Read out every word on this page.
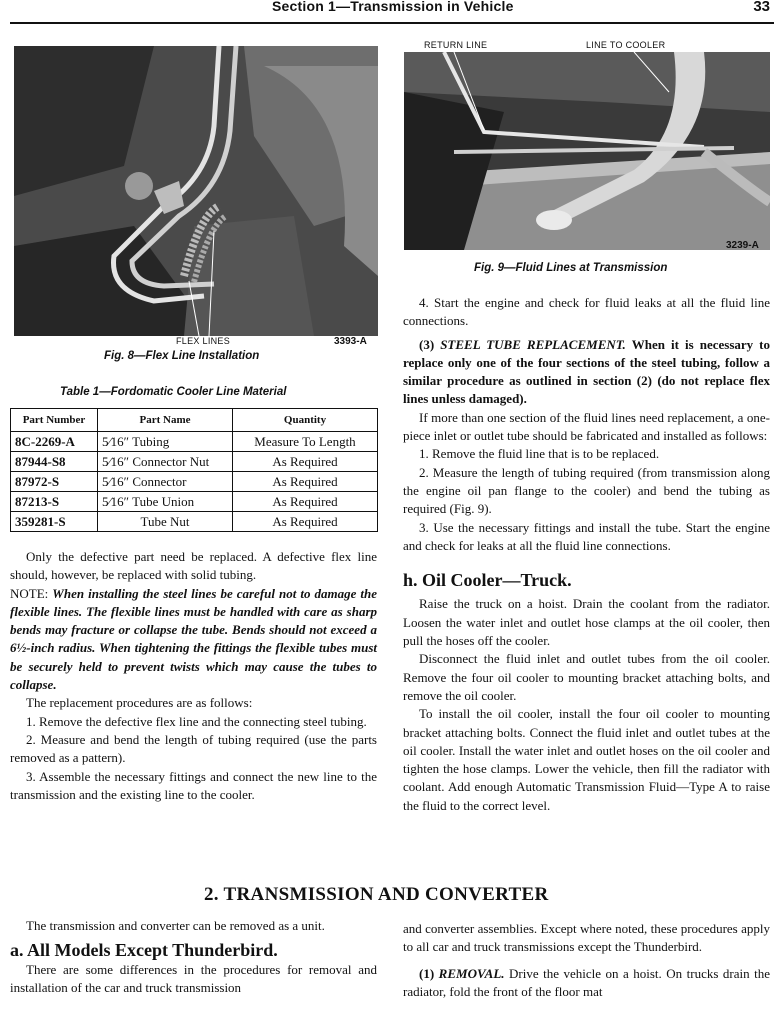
Section 1—Transmission in Vehicle	33
FLEX LINES	3393-A
Fig. 8—Flex Line Installation
RETURN LINE	LINE TO COOLER
3239-A
Fig. 9—Fluid Lines at Transmission
Table 1—Fordomatic Cooler Line Material
Part Number	Part Name	Quantity
8C-2269-A	5⁄16″ Tubing	Measure To Length
87944-S8	5⁄16″ Connector Nut	As Required
87972-S	5⁄16″ Connector	As Required
87213-S	5⁄16″ Tube Union	As Required
359281-S	Tube Nut	As Required

Only the defective part need be replaced. A defective flex line should, however, be replaced with solid tubing.

NOTE: When installing the steel lines be careful not to damage the flexible lines. The flexible lines must be handled with care as sharp bends may fracture or collapse the tube. Bends should not exceed a 6½-inch radius. When tightening the fittings the flexible tubes must be securely held to prevent twists which may cause the tubes to collapse.

The replacement procedures are as follows:

1. Remove the defective flex line and the connecting steel tubing.

2. Measure and bend the length of tubing required (use the parts removed as a pattern).

3. Assemble the necessary fittings and connect the new line to the transmission and the existing line to the cooler.

4. Start the engine and check for fluid leaks at all the fluid line connections.

(3) STEEL TUBE REPLACEMENT. When it is necessary to replace only one of the four sections of the steel tubing, follow a similar procedure as outlined in section (2) (do not replace flex lines unless damaged).

If more than one section of the fluid lines need replacement, a one-piece inlet or outlet tube should be fabricated and installed as follows:

1. Remove the fluid line that is to be replaced.

2. Measure the length of tubing required (from transmission along the engine oil pan flange to the cooler) and bend the tubing as required (Fig. 9).

3. Use the necessary fittings and install the tube. Start the engine and check for leaks at all the fluid line connections.

h. Oil Cooler—Truck.

Raise the truck on a hoist. Drain the coolant from the radiator. Loosen the water inlet and outlet hose clamps at the oil cooler, then pull the hoses off the cooler.

Disconnect the fluid inlet and outlet tubes from the oil cooler. Remove the four oil cooler to mounting bracket attaching bolts, and remove the oil cooler.

To install the oil cooler, install the four oil cooler to mounting bracket attaching bolts. Connect the fluid inlet and outlet tubes at the oil cooler. Install the water inlet and outlet hoses on the oil cooler and tighten the hose clamps. Lower the vehicle, then fill the radiator with coolant. Add enough Automatic Transmission Fluid—Type A to raise the fluid to the correct level.

2. TRANSMISSION AND CONVERTER

The transmission and converter can be removed as a unit.

a. All Models Except Thunderbird.

There are some differences in the procedures for removal and installation of the car and truck transmission

and converter assemblies. Except where noted, these procedures apply to all car and truck transmissions except the Thunderbird.

(1) REMOVAL. Drive the vehicle on a hoist. On trucks drain the radiator, fold the front of the floor mat
